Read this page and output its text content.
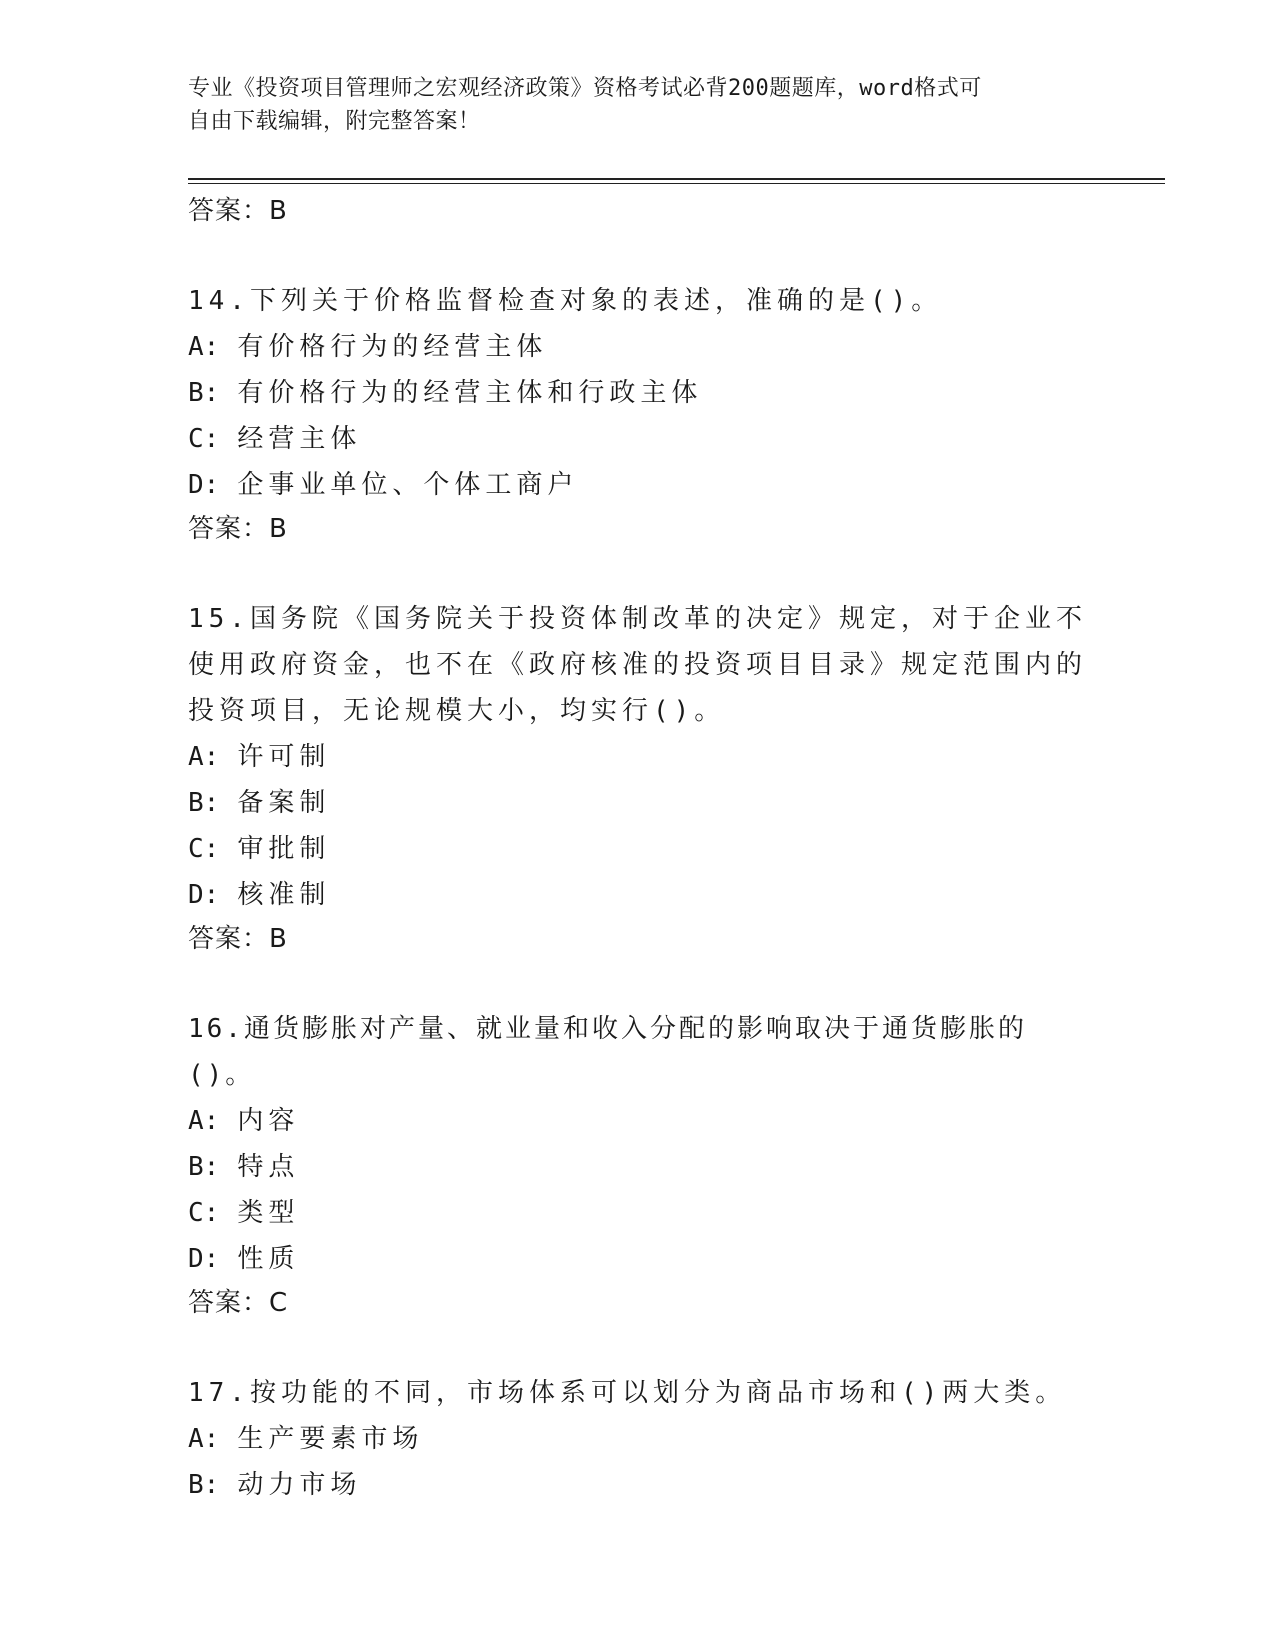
专业《投资项目管理师之宏观经济政策》资格考试必背200题题库，word格式可
自由下载编辑，附完整答案！
答案：B
14.下列关于价格监督检查对象的表述，准确的是()。
A: 有价格行为的经营主体
B: 有价格行为的经营主体和行政主体
C: 经营主体
D: 企事业单位、个体工商户
答案：B
15.国务院《国务院关于投资体制改革的决定》规定，对于企业不使用政府资金，也不在《政府核准的投资项目目录》规定范围内的投资项目，无论规模大小，均实行()。
A: 许可制
B: 备案制
C: 审批制
D: 核准制
答案：B
16.通货膨胀对产量、就业量和收入分配的影响取决于通货膨胀的()。
A: 内容
B: 特点
C: 类型
D: 性质
答案：C
17.按功能的不同，市场体系可以划分为商品市场和()两大类。
A: 生产要素市场
B: 动力市场
